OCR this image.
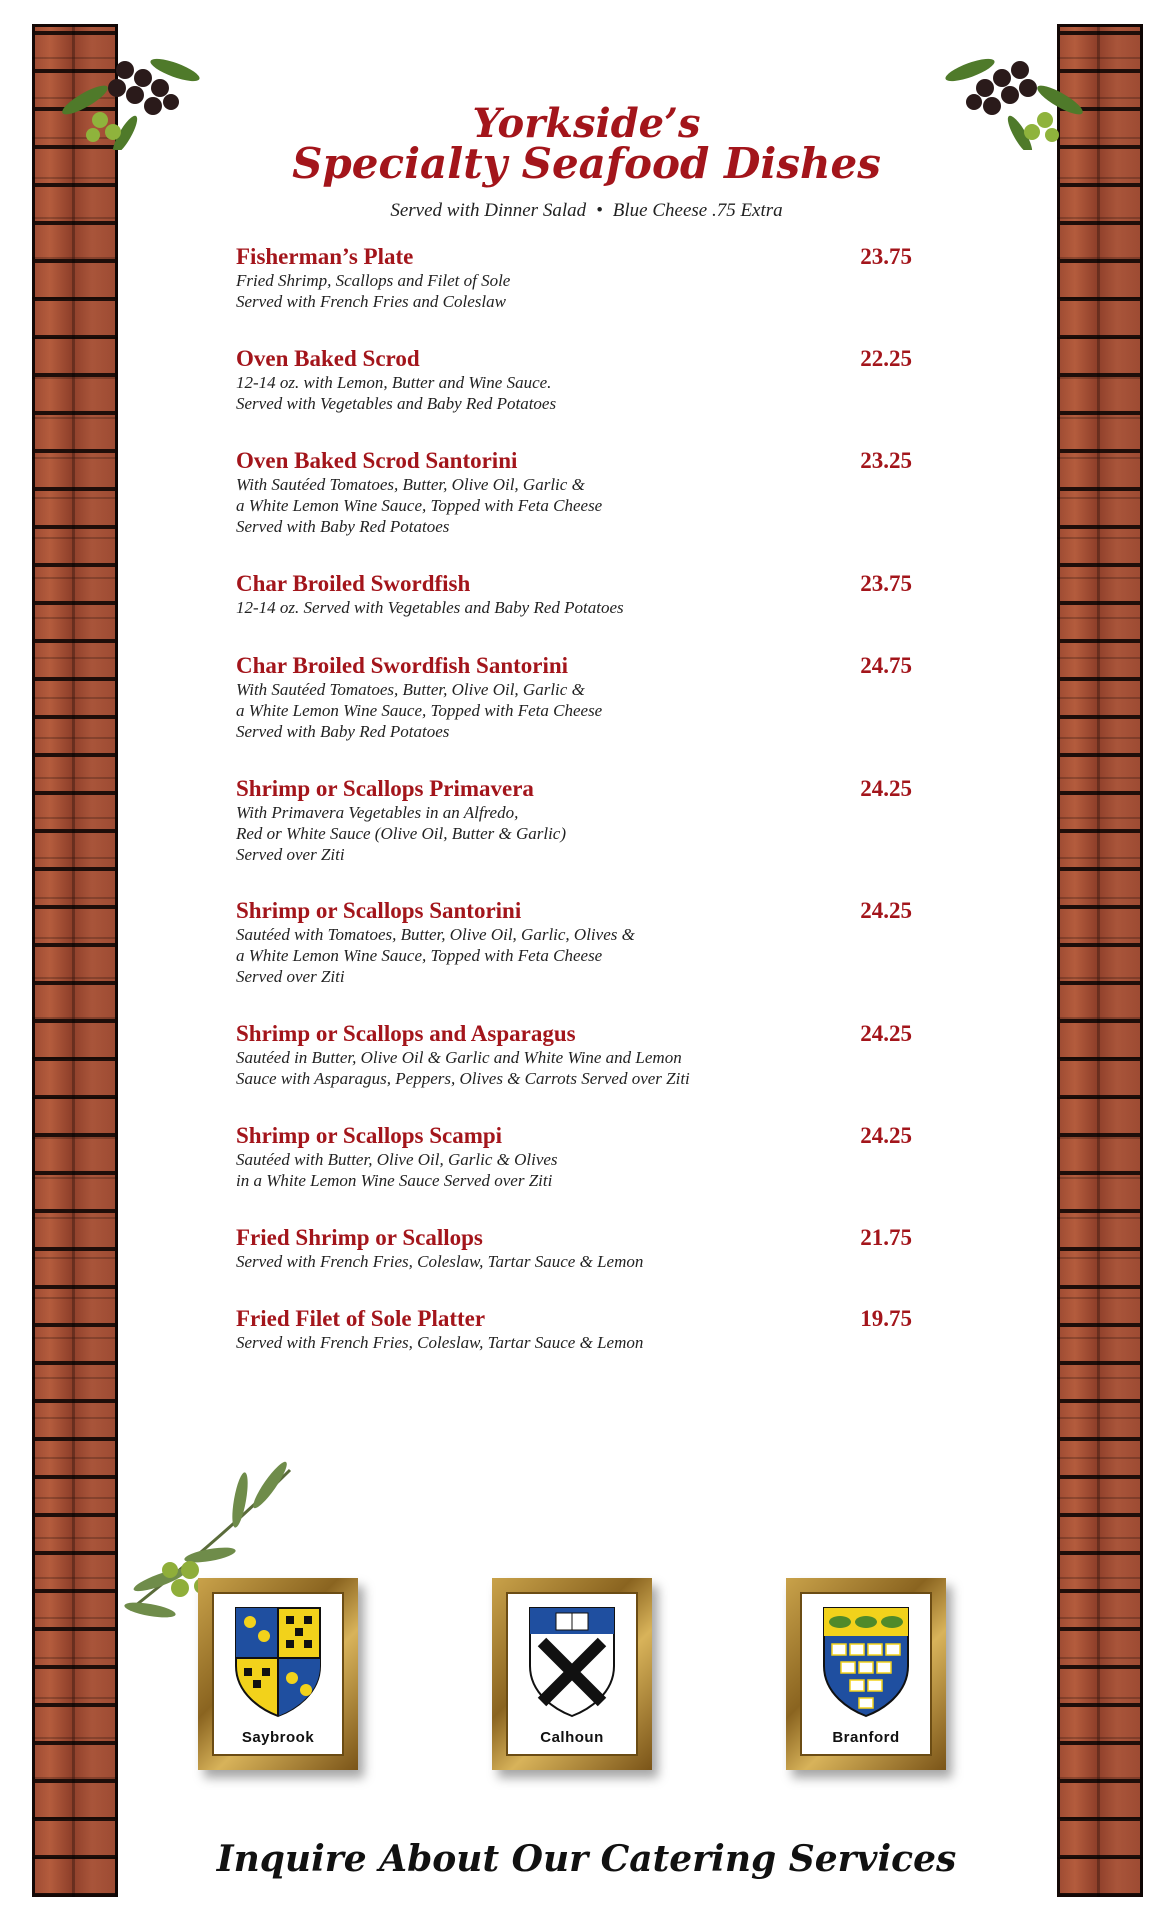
Yorkside’s
Specialty Seafood Dishes
Served with Dinner Salad • Blue Cheese .75 Extra
Fisherman’s Plate	23.75
Fried Shrimp, Scallops and Filet of Sole
Served with French Fries and Coleslaw
Oven Baked Scrod	22.25
12-14 oz. with Lemon, Butter and Wine Sauce.
Served with Vegetables and Baby Red Potatoes
Oven Baked Scrod Santorini	23.25
With Sautéed Tomatoes, Butter, Olive Oil, Garlic &
a White Lemon Wine Sauce, Topped with Feta Cheese
Served with Baby Red Potatoes
Char Broiled Swordfish	23.75
12-14 oz. Served with Vegetables and Baby Red Potatoes
Char Broiled Swordfish Santorini	24.75
With Sautéed Tomatoes, Butter, Olive Oil, Garlic &
a White Lemon Wine Sauce, Topped with Feta Cheese
Served with Baby Red Potatoes
Shrimp or Scallops Primavera	24.25
With Primavera Vegetables in an Alfredo,
Red or White Sauce (Olive Oil, Butter & Garlic)
Served over Ziti
Shrimp or Scallops Santorini	24.25
Sautéed with Tomatoes, Butter, Olive Oil, Garlic, Olives &
a White Lemon Wine Sauce, Topped with Feta Cheese
Served over Ziti
Shrimp or Scallops and Asparagus	24.25
Sautéed in Butter, Olive Oil & Garlic and White Wine and Lemon
Sauce with Asparagus, Peppers, Olives & Carrots Served over Ziti
Shrimp or Scallops Scampi	24.25
Sautéed with Butter, Olive Oil, Garlic & Olives
in a White Lemon Wine Sauce Served over Ziti
Fried Shrimp or Scallops	21.75
Served with French Fries, Coleslaw, Tartar Sauce & Lemon
Fried Filet of Sole Platter	19.75
Served with French Fries, Coleslaw, Tartar Sauce & Lemon
Saybrook	Calhoun	Branford
Inquire About Our Catering Services
